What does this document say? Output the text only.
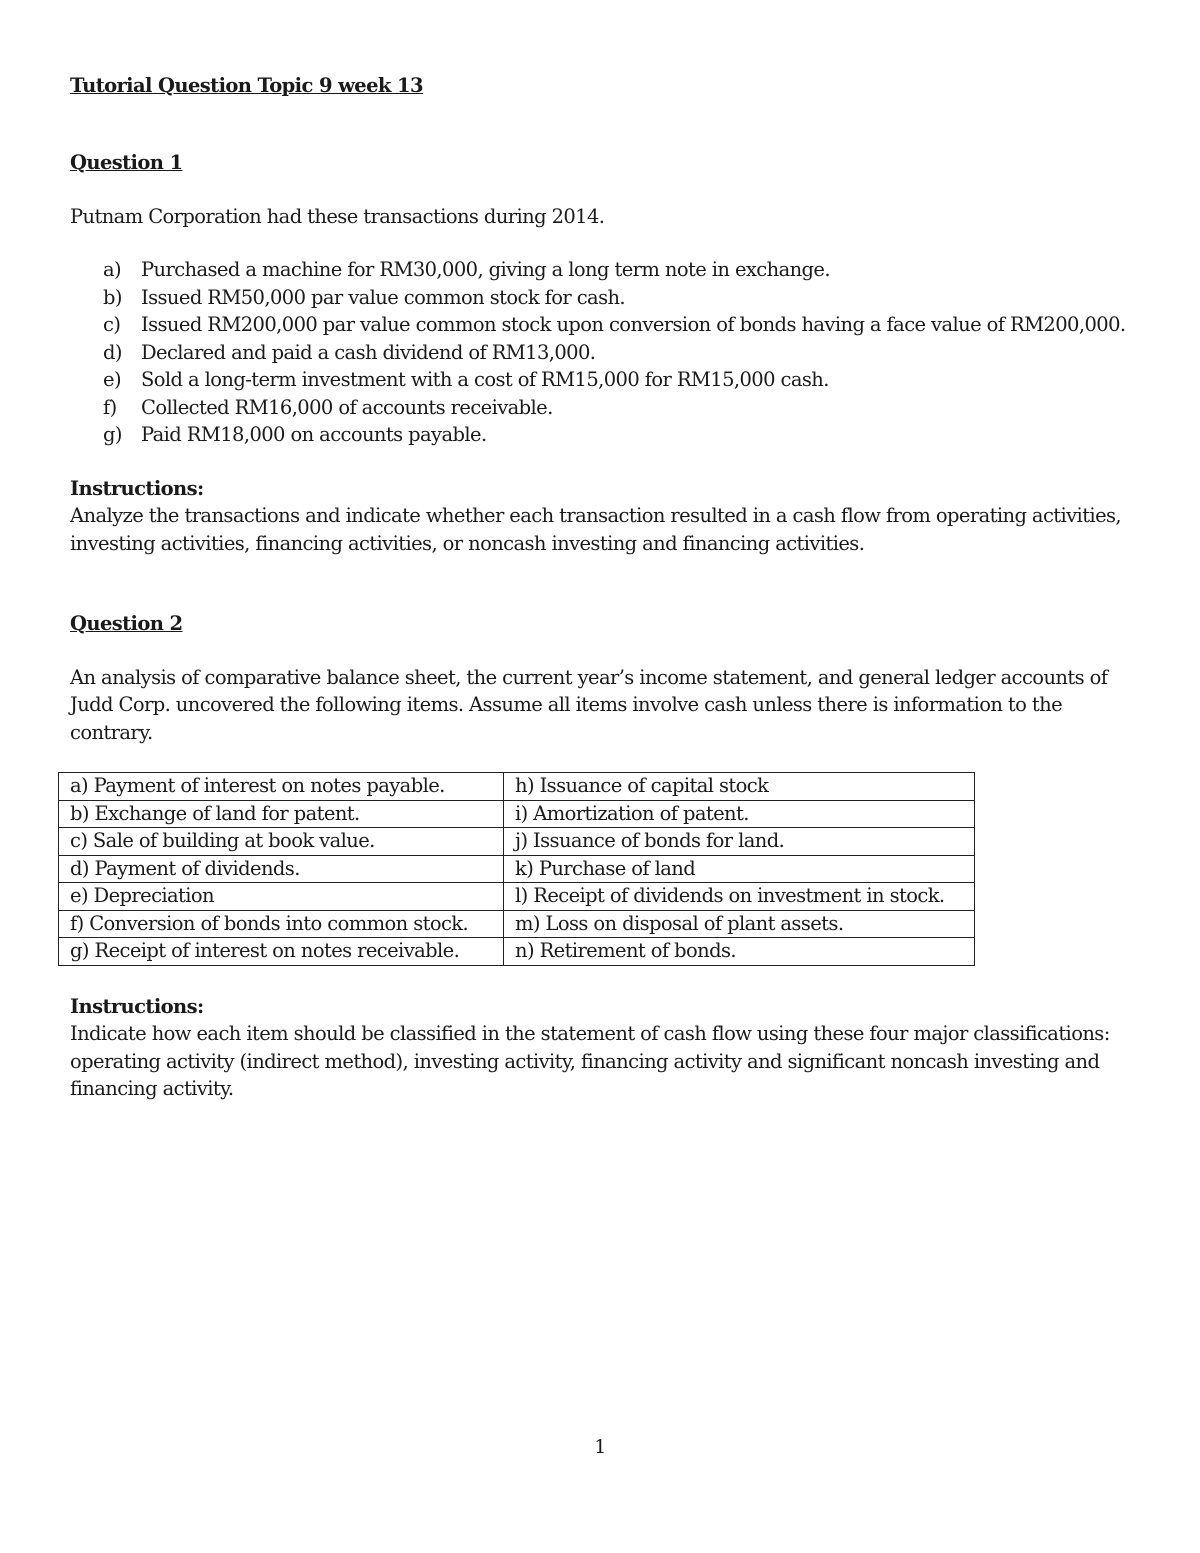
Tutorial Question Topic 9 week 13

Question 1

Putnam Corporation had these transactions during 2014.

a) Purchased a machine for RM30,000, giving a long term note in exchange.
b) Issued RM50,000 par value common stock for cash.
c) Issued RM200,000 par value common stock upon conversion of bonds having a face value of RM200,000.
d) Declared and paid a cash dividend of RM13,000.
e) Sold a long-term investment with a cost of RM15,000 for RM15,000 cash.
f) Collected RM16,000 of accounts receivable.
g) Paid RM18,000 on accounts payable.

Instructions:

Analyze the transactions and indicate whether each transaction resulted in a cash flow from operating activities, investing activities, financing activities, or noncash investing and financing activities.

Question 2

An analysis of comparative balance sheet, the current year’s income statement, and general ledger accounts of Judd Corp. uncovered the following items. Assume all items involve cash unless there is information to the contrary.

a) Payment of interest on notes payable.	h) Issuance of capital stock
b) Exchange of land for patent.	i) Amortization of patent.
c) Sale of building at book value.	j) Issuance of bonds for land.
d) Payment of dividends.	k) Purchase of land
e) Depreciation	l) Receipt of dividends on investment in stock.
f) Conversion of bonds into common stock.	m) Loss on disposal of plant assets.
g) Receipt of interest on notes receivable.	n) Retirement of bonds.

Instructions:

Indicate how each item should be classified in the statement of cash flow using these four major classifications: operating activity (indirect method), investing activity, financing activity and significant noncash investing and financing activity.

1
